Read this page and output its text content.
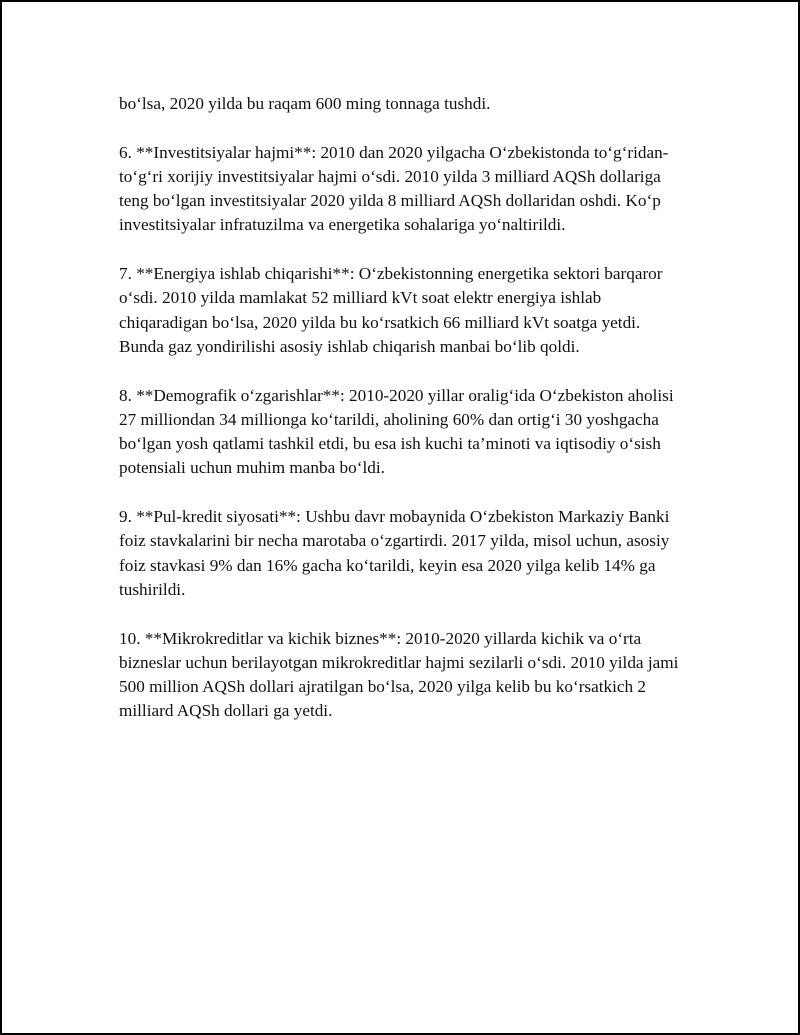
bo‘lsa, 2020 yilda bu raqam 600 ming tonnaga tushdi.

6. **Investitsiyalar hajmi**: 2010 dan 2020 yilgacha O‘zbekistonda to‘g‘ridan-to‘g‘ri xorijiy investitsiyalar hajmi o‘sdi. 2010 yilda 3 milliard AQSh dollariga teng bo‘lgan investitsiyalar 2020 yilda 8 milliard AQSh dollaridan oshdi. Ko‘p investitsiyalar infratuzilma va energetika sohalariga yo‘naltirildi.

7. **Energiya ishlab chiqarishi**: O‘zbekistonning energetika sektori barqaror o‘sdi. 2010 yilda mamlakat 52 milliard kVt soat elektr energiya ishlab chiqaradigan bo‘lsa, 2020 yilda bu ko‘rsatkich 66 milliard kVt soatga yetdi. Bunda gaz yondirilishi asosiy ishlab chiqarish manbai bo‘lib qoldi.

8. **Demografik o‘zgarishlar**: 2010-2020 yillar oralig‘ida O‘zbekiston aholisi 27 milliondan 34 millionga ko‘tarildi, aholining 60% dan ortig‘i 30 yoshgacha bo‘lgan yosh qatlami tashkil etdi, bu esa ish kuchi ta’minoti va iqtisodiy o‘sish potensiali uchun muhim manba bo‘ldi.

9. **Pul-kredit siyosati**: Ushbu davr mobaynida O‘zbekiston Markaziy Banki foiz stavkalarini bir necha marotaba o‘zgartirdi. 2017 yilda, misol uchun, asosiy foiz stavkasi 9% dan 16% gacha ko‘tarildi, keyin esa 2020 yilga kelib 14% ga tushirildi.

10. **Mikrokreditlar va kichik biznes**: 2010-2020 yillarda kichik va o‘rta bizneslar uchun berilayotgan mikrokreditlar hajmi sezilarli o‘sdi. 2010 yilda jami 500 million AQSh dollari ajratilgan bo‘lsa, 2020 yilga kelib bu ko‘rsatkich 2 milliard AQSh dollari ga yetdi.
